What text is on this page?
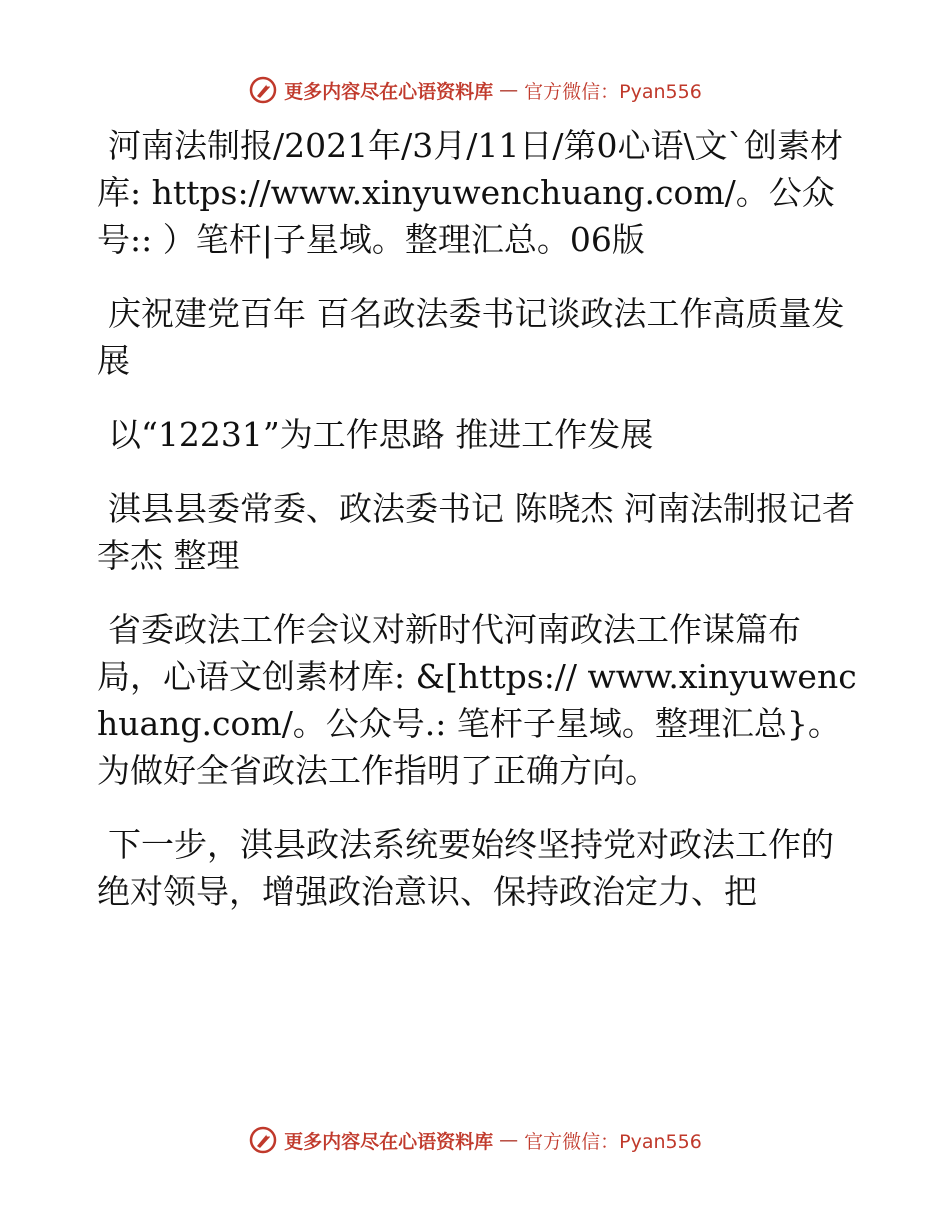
更多内容尽在心语资料库 — 官方微信：Pyan556

河南法制报/2021年/3月/11日/第0心语\文`创素材库: https://www.xinyuwenchuang.com/。公众号:: ）笔杆|子星域。整理汇总。06版

庆祝建党百年 百名政法委书记谈政法工作高质量发展

以“12231”为工作思路 推进工作发展

淇县县委常委、政法委书记 陈晓杰 河南法制报记者 李杰 整理

省委政法工作会议对新时代河南政法工作谋篇布局，心语文创素材库: &[https:// www.xinyuwenchuang.com/。公众号.: 笔杆子星域。整理汇总}。为做好全省政法工作指明了正确方向。

下一步，淇县政法系统要始终坚持党对政法工作的绝对领导，增强政治意识、保持政治定力、把

更多内容尽在心语资料库 — 官方微信：Pyan556
